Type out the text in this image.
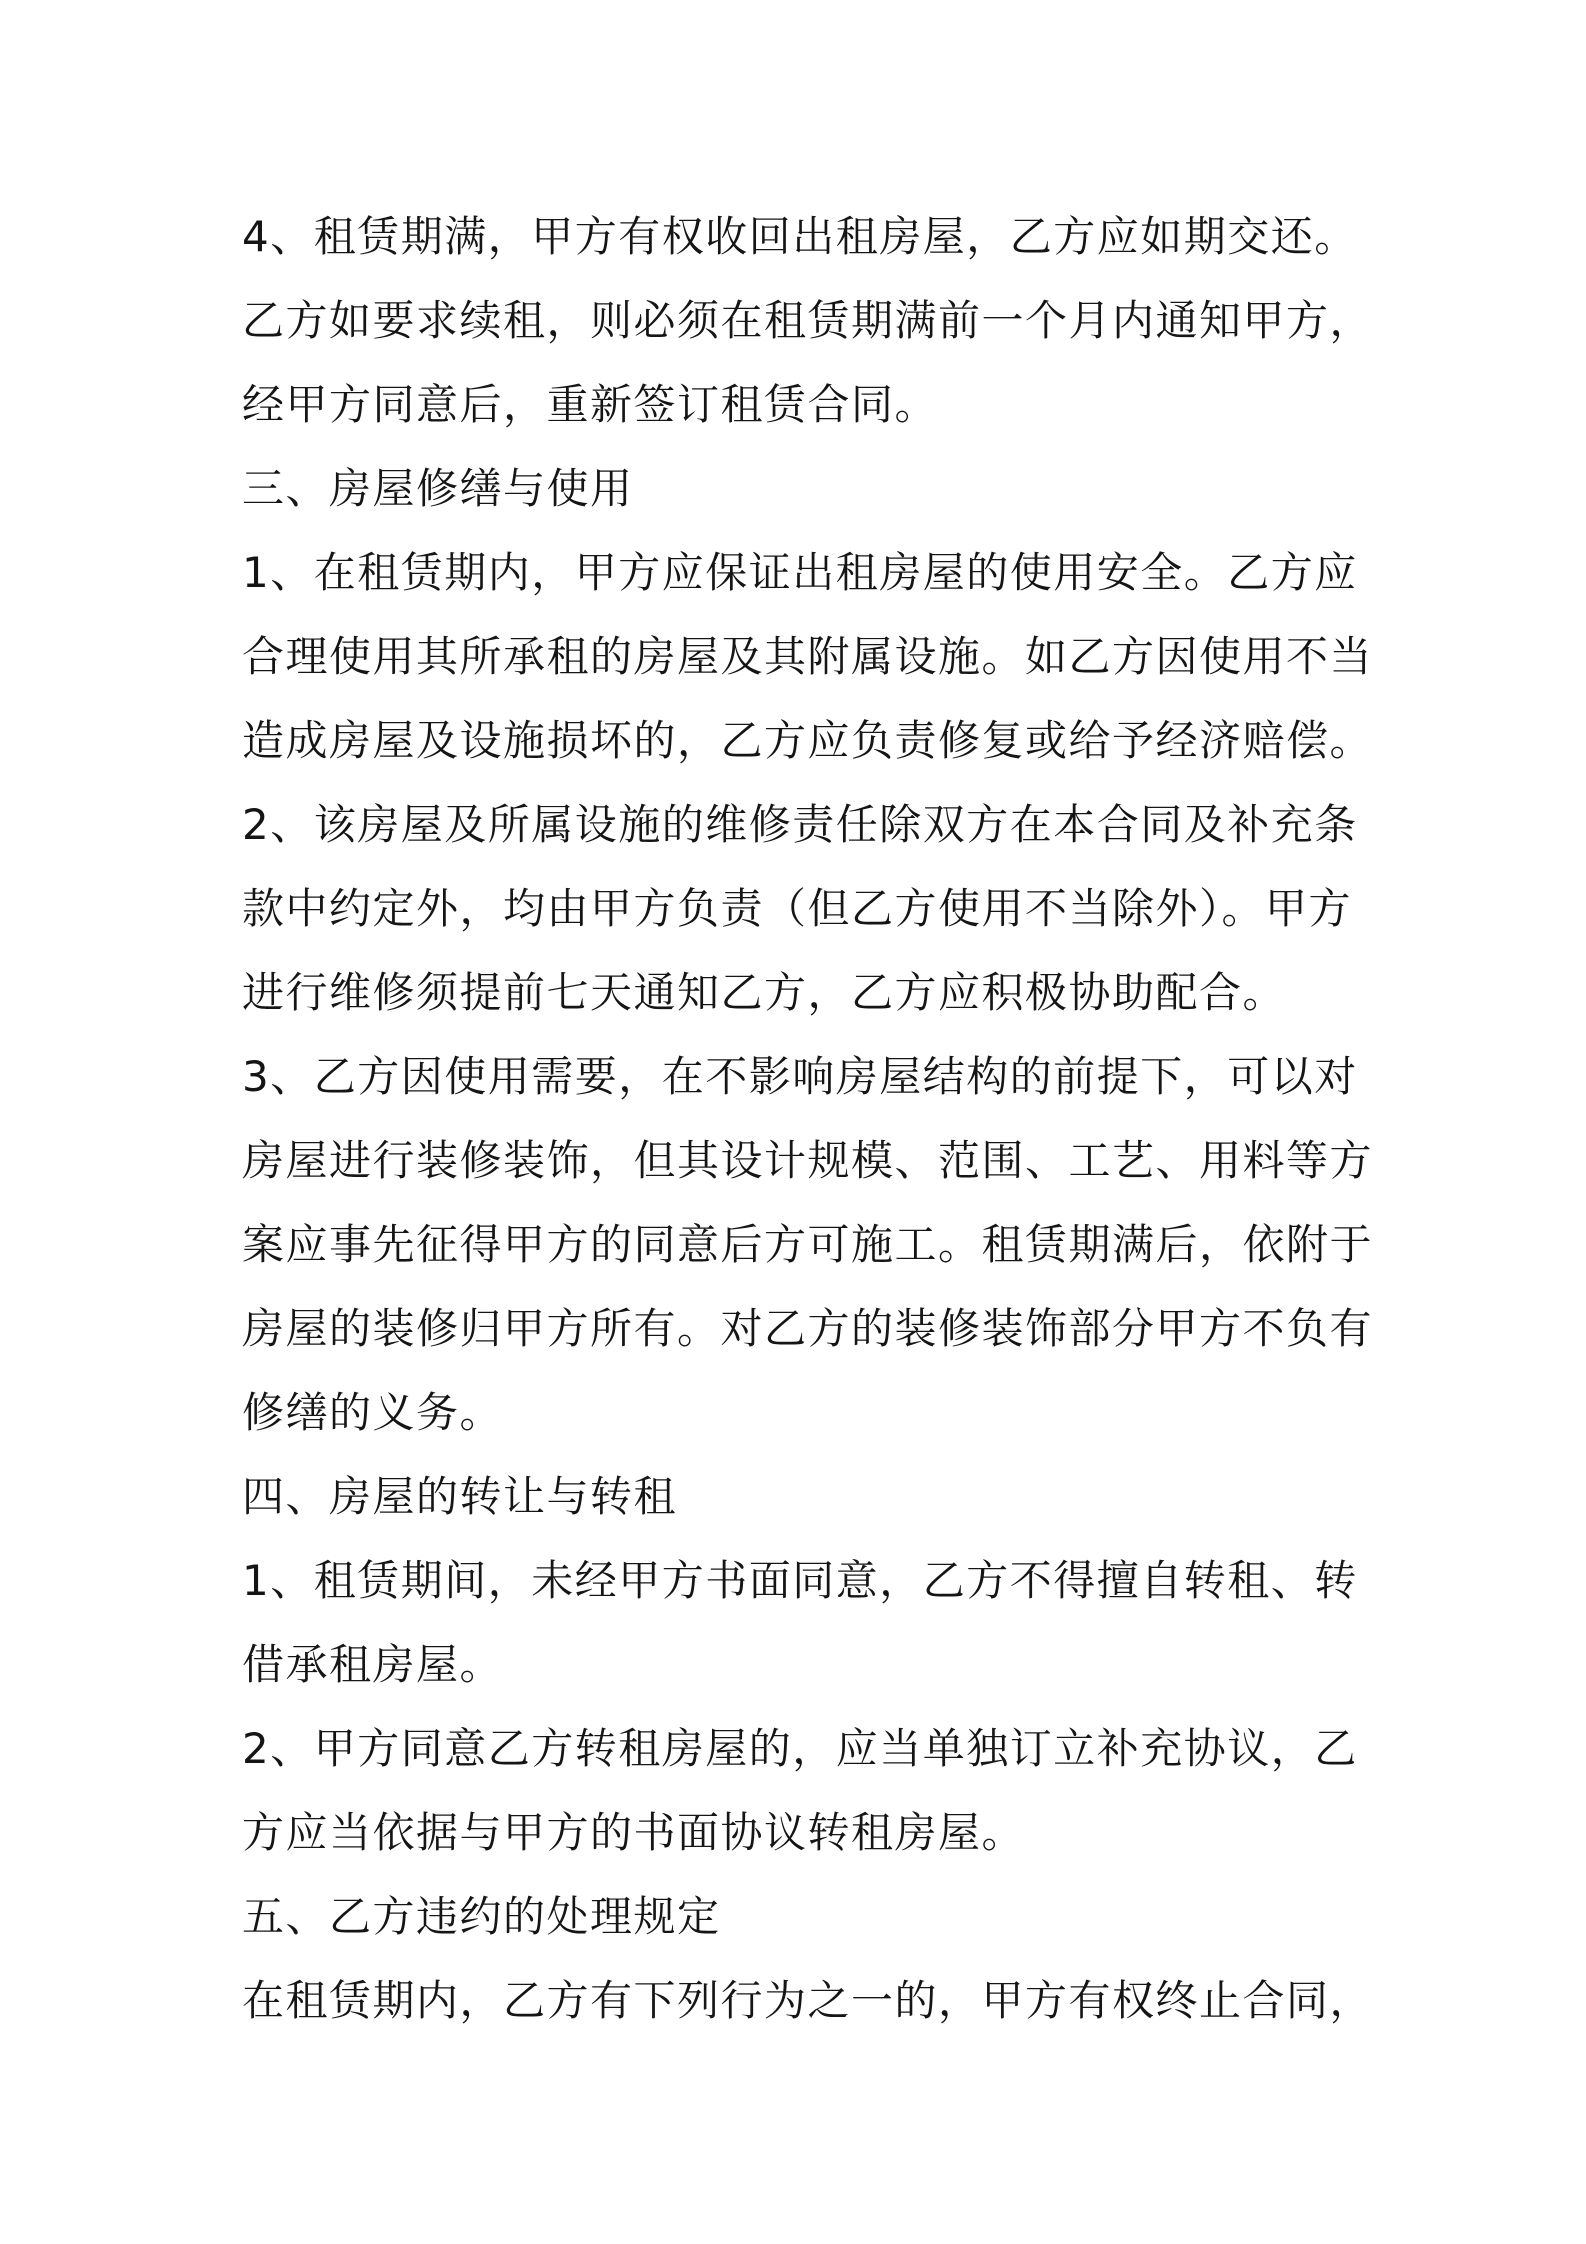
4、租赁期满，甲方有权收回出租房屋，乙方应如期交还。
乙方如要求续租，则必须在租赁期满前一个月内通知甲方，
经甲方同意后，重新签订租赁合同。
三、房屋修缮与使用
1、在租赁期内，甲方应保证出租房屋的使用安全。乙方应
合理使用其所承租的房屋及其附属设施。如乙方因使用不当
造成房屋及设施损坏的，乙方应负责修复或给予经济赔偿。
2、该房屋及所属设施的维修责任除双方在本合同及补充条
款中约定外，均由甲方负责（但乙方使用不当除外）。甲方
进行维修须提前七天通知乙方，乙方应积极协助配合。
3、乙方因使用需要，在不影响房屋结构的前提下，可以对
房屋进行装修装饰，但其设计规模、范围、工艺、用料等方
案应事先征得甲方的同意后方可施工。租赁期满后，依附于
房屋的装修归甲方所有。对乙方的装修装饰部分甲方不负有
修缮的义务。
四、房屋的转让与转租
1、租赁期间，未经甲方书面同意，乙方不得擅自转租、转
借承租房屋。
2、甲方同意乙方转租房屋的，应当单独订立补充协议，乙
方应当依据与甲方的书面协议转租房屋。
五、乙方违约的处理规定
在租赁期内，乙方有下列行为之一的，甲方有权终止合同，
